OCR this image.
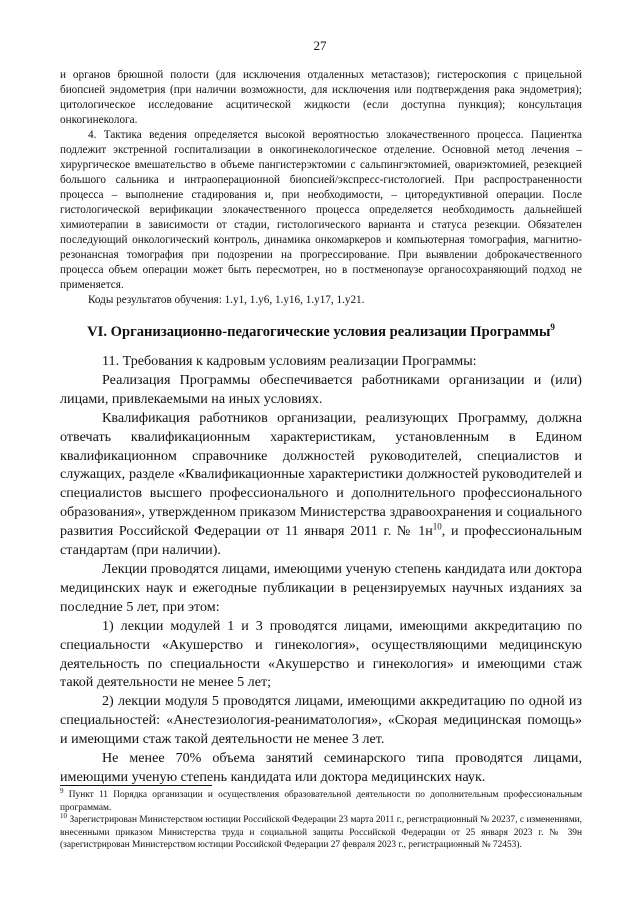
27

и органов брюшной полости (для исключения отдаленных метастазов); гистероскопия с прицельной биопсией эндометрия (при наличии возможности, для исключения или подтверждения рака эндометрия); цитологическое исследование асцитической жидкости (если доступна пункция); консультация онкогинеколога.

4. Тактика ведения определяется высокой вероятностью злокачественного процесса. Пациентка подлежит экстренной госпитализации в онкогинекологическое отделение. Основной метод лечения – хирургическое вмешательство в объеме пангистерэктомии с сальпингэктомией, овариэктомией, резекцией большого сальника и интраоперационной биопсией/экспресс-гистологией. При распространенности процесса – выполнение стадирования и, при необходимости, – циторедуктивной операции. После гистологической верификации злокачественного процесса определяется необходимость дальнейшей химиотерапии в зависимости от стадии, гистологического варианта и статуса резекции. Обязателен последующий онкологический контроль, динамика онкомаркеров и компьютерная томография, магнитно-резонансная томография при подозрении на прогрессирование. При выявлении доброкачественного процесса объем операции может быть пересмотрен, но в постменопаузе органосохраняющий подход не применяется.

Коды результатов обучения: 1.у1, 1.у6, 1.у16, 1.у17, 1.у21.

VI. Организационно-педагогические условия реализации Программы$^9$

11. Требования к кадровым условиям реализации Программы:

Реализация Программы обеспечивается работниками организации и (или) лицами, привлекаемыми на иных условиях.

Квалификация работников организации, реализующих Программу, должна отвечать квалификационным характеристикам, установленным в Едином квалификационном справочнике должностей руководителей, специалистов и служащих, разделе «Квалификационные характеристики должностей руководителей и специалистов высшего профессионального и дополнительного профессионального образования», утвержденном приказом Министерства здравоохранения и социального развития Российской Федерации от 11 января 2011 г. № $1н^{10}$, и профессиональным стандартам (при наличии).

Лекции проводятся лицами, имеющими ученую степень кандидата или доктора медицинских наук и ежегодные публикации в рецензируемых научных изданиях за последние 5 лет, при этом:

1) лекции модулей 1 и 3 проводятся лицами, имеющими аккредитацию по специальности «Акушерство и гинекология», осуществляющими медицинскую деятельность по специальности «Акушерство и гинекология» и имеющими стаж такой деятельности не менее 5 лет;

2) лекции модуля 5 проводятся лицами, имеющими аккредитацию по одной из специальностей: «Анестезиология-реаниматология», «Скорая медицинская помощь» и имеющими стаж такой деятельности не менее 3 лет.

Не менее 70% объема занятий семинарского типа проводятся лицами, имеющими ученую степень кандидата или доктора медицинских наук.

$^9$ Пункт 11 Порядка организации и осуществления образовательной деятельности по дополнительным профессиональным программам.

$^{10}$ Зарегистрирован Министерством юстиции Российской Федерации 23 марта 2011 г., регистрационный № 20237, с изменениями, внесенными приказом Министерства труда и социальной защиты Российской Федерации от 25 января 2023 г. № 39н (зарегистрирован Министерством юстиции Российской Федерации 27 февраля 2023 г., регистрационный № 72453).
